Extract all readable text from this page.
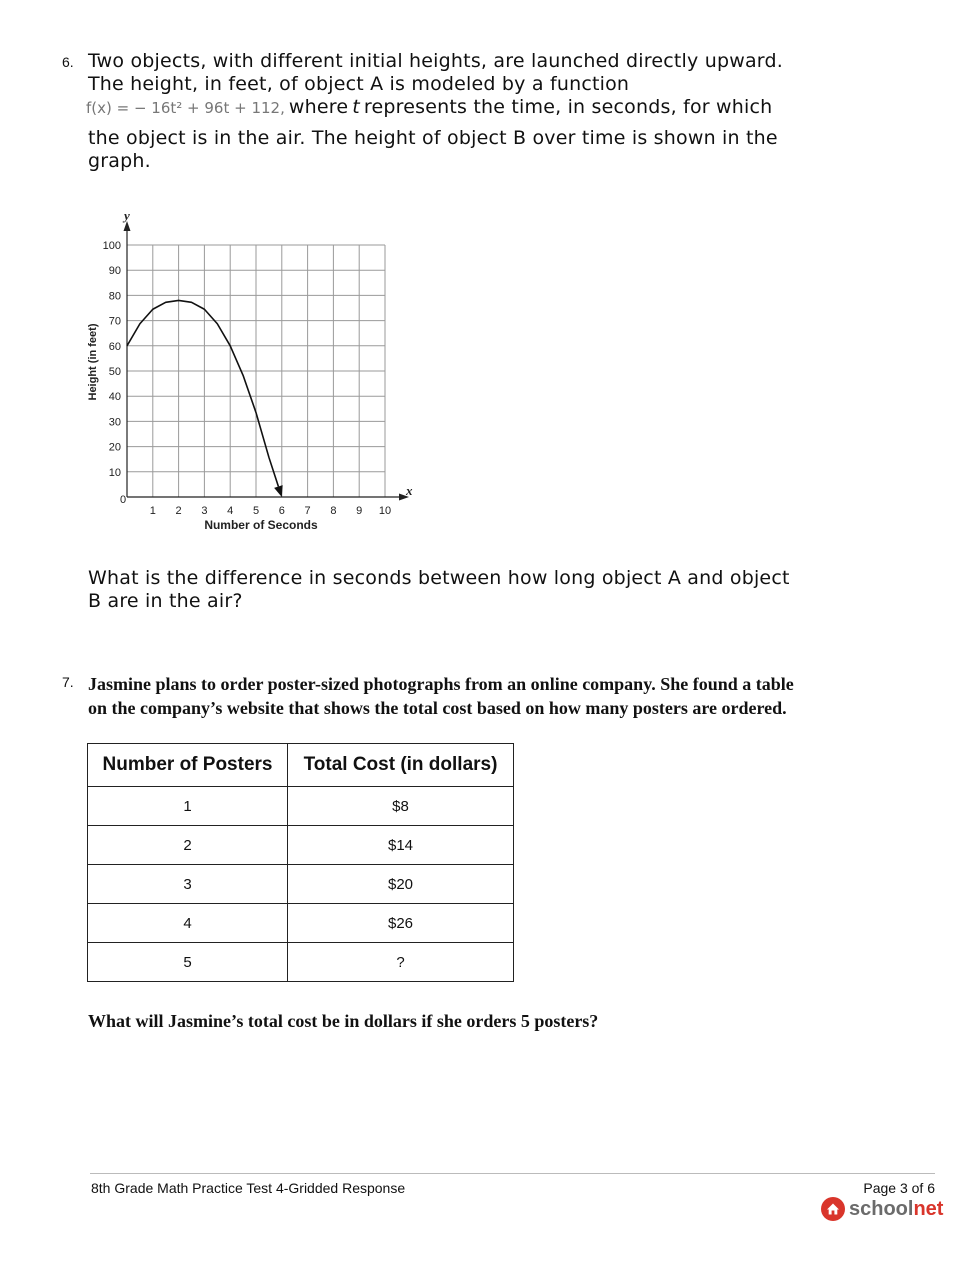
6. Two objects, with different initial heights, are launched directly upward.
The height, in feet, of object A is modeled by a function
f(x) = − 16t² + 96t + 112, where t represents the time, in seconds, for which
the object is in the air. The height of object B over time is shown in the
graph.
1 2 3 4 5 6 7 8 9 10
10
20
30
40
50
60
70
80
90
100
Number of Seconds
Height (in feet)
x
y
0
What is the difference in seconds between how long object A and object
B are in the air?
7. Jasmine plans to order poster-sized photographs from an online company. She found a table
on the company’s website that shows the total cost based on how many posters are ordered.
Number of Posters	Total Cost (in dollars)
1	$8
2	$14
3	$20
4	$26
5	?
What will Jasmine’s total cost be in dollars if she orders 5 posters?
8th Grade Math Practice Test 4-Gridded Response	Page 3 of 6
school net
